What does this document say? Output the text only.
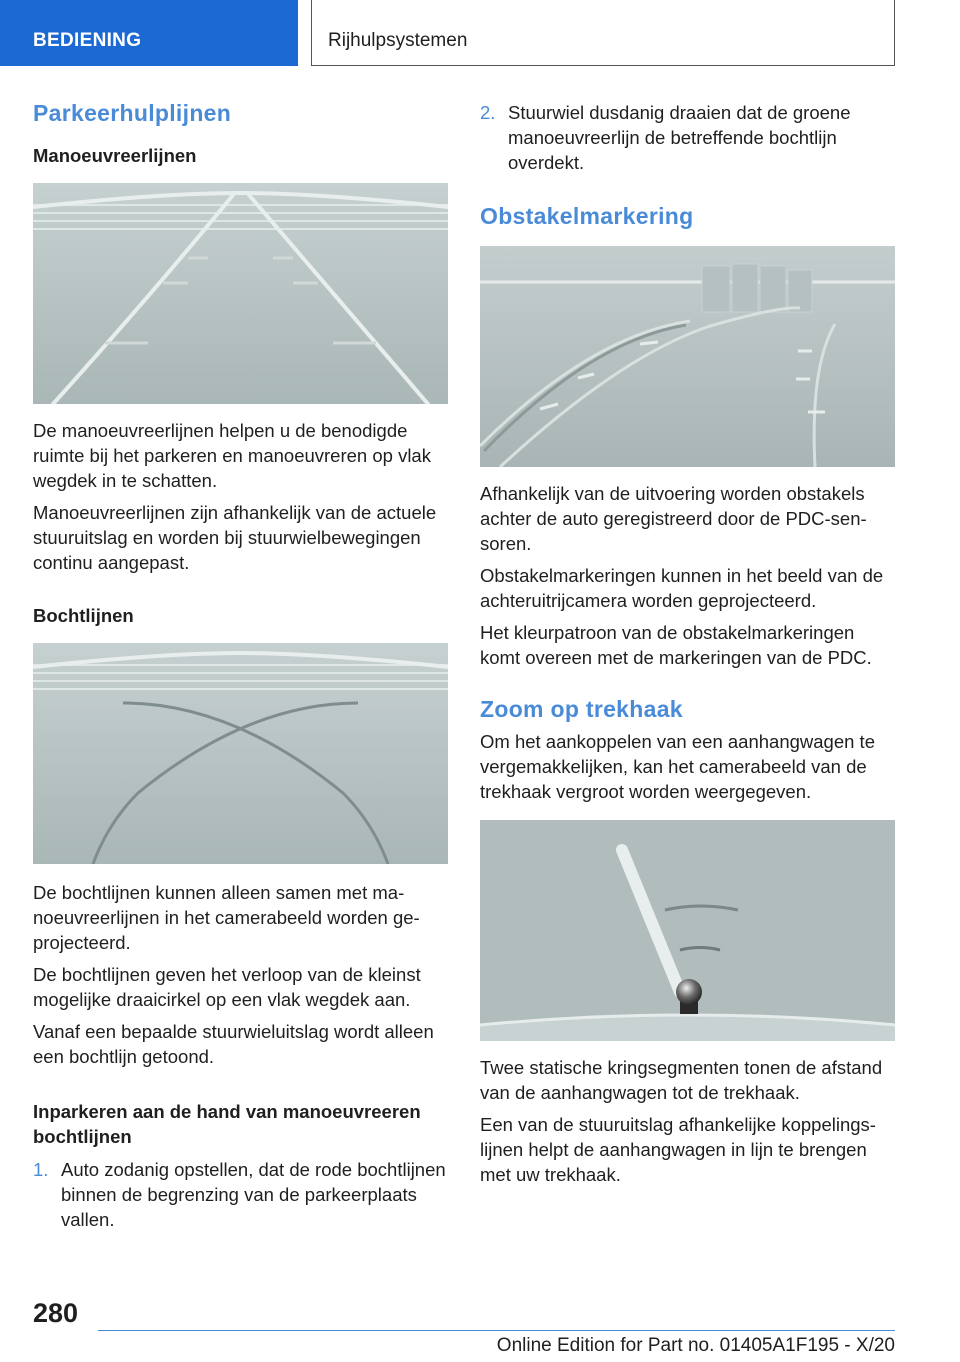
BEDIENING	Rijhulpsystemen
Parkeerhulplijnen
Manoeuvreerlijnen

De manoeuvreerlijnen helpen u de benodigde ruimte bij het parkeren en manoeuvreren op vlak wegdek in te schatten.

Manoeuvreerlijnen zijn afhankelijk van de actuele stuuruitslag en worden bij stuurwielbewegingen continu aangepast.

Bochtlijnen

De bochtlijnen kunnen alleen samen met manoeuvreerlijnen in het camerabeeld worden geprojecteerd.

De bochtlijnen geven het verloop van de kleinst mogelijke draaicirkel op een vlak wegdek aan.

Vanaf een bepaalde stuurwieluitslag wordt alleen een bochtlijn getoond.

Inparkeren aan de hand van manoeuvreeren bochtlijnen
1. Auto zodanig opstellen, dat de rode bochtlijnen binnen de begrenzing van de parkeerplaats vallen.
2. Stuurwiel dusdanig draaien dat de groene manoeuvreerlijn de betreffende bochtlijn overdekt.
Obstakelmarkering

Afhankelijk van de uitvoering worden obstakels achter de auto geregistreerd door de PDC-sensoren.

Obstakelmarkeringen kunnen in het beeld van de achteruitrijcamera worden geprojecteerd.

Het kleurpatroon van de obstakelmarkeringen komt overeen met de markeringen van de PDC.

Zoom op trekhaak

Om het aankoppelen van een aanhangwagen te vergemakkelijken, kan het camerabeeld van de trekhaak vergroot worden weergegeven.

Twee statische kringsegmenten tonen de afstand van de aanhangwagen tot de trekhaak.

Een van de stuuruitslag afhankelijke koppelingslijnen helpt de aanhangwagen in lijn te brengen met uw trekhaak.

280
Online Edition for Part no. 01405A1F195 - X/20
